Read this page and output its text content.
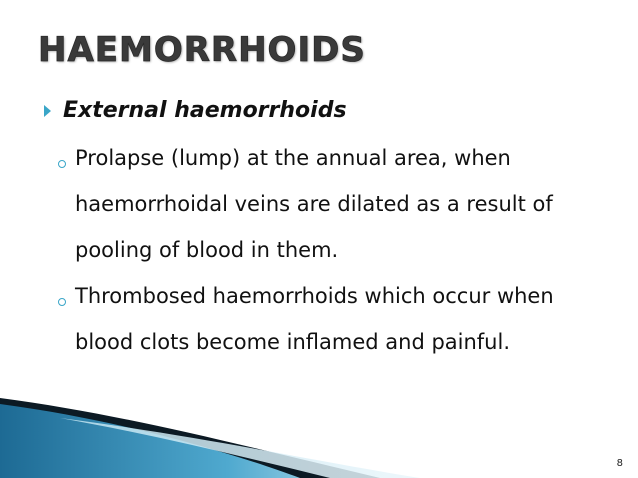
HAEMORRHOIDS
External haemorrhoids
Prolapse (lump) at the annual area, when haemorrhoidal veins are dilated as a result of pooling of blood in them.
Thrombosed haemorrhoids which occur when blood clots become inflamed and painful.
8
